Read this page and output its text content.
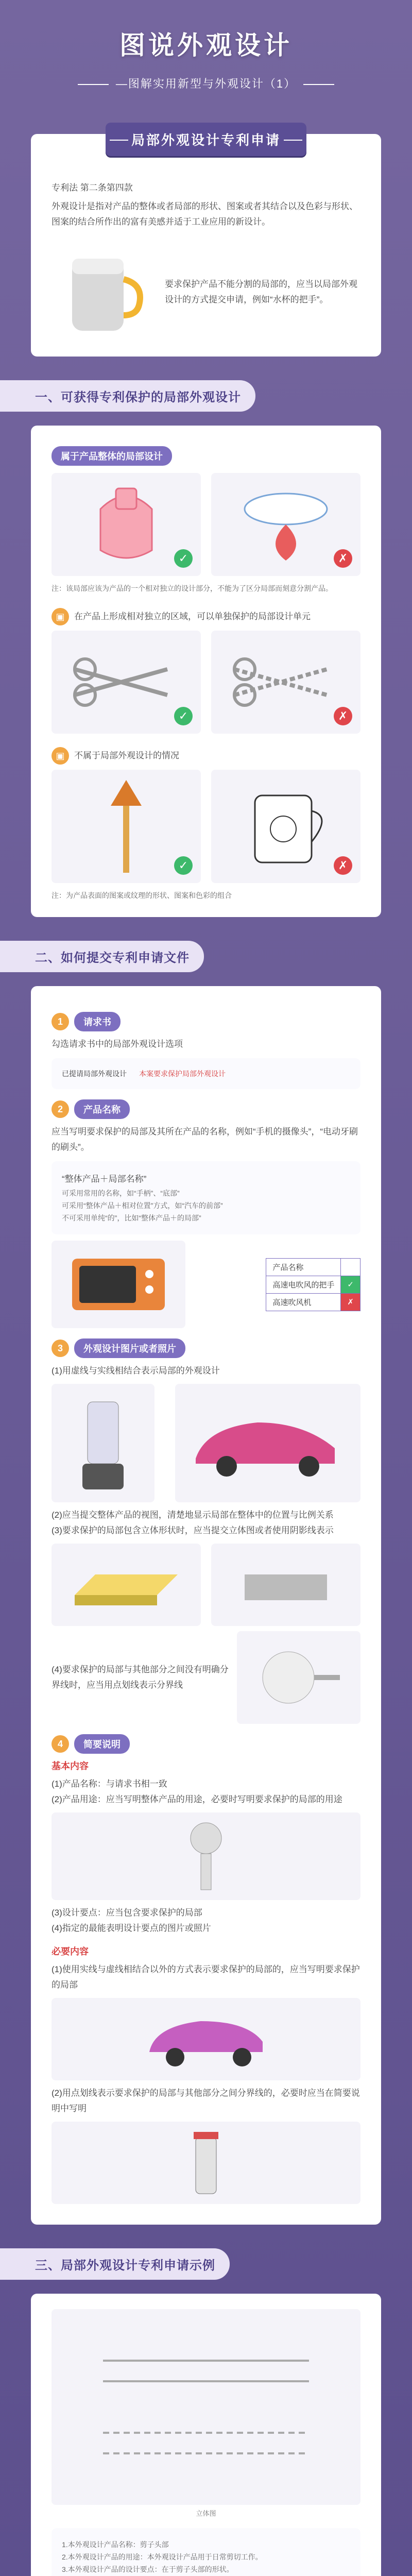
图说外观设计
—图解实用新型与外观设计（1）
局部外观设计专利申请

专利法 第二条第四款

外观设计是指对产品的整体或者局部的形状、图案或者其结合以及色彩与形状、图案的结合所作出的富有美感并适于工业应用的新设计。

要求保护产品不能分割的局部的，应当以局部外观设计的方式提交申请，例如“水杯的把手”。
一、可获得专利保护的局部外观设计
属于产品整体的局部设计
✓	✗

注：该局部应该为产品的一个相对独立的设计部分，不能为了区分局部而刻意分割产品。

▣	在产品上形成相对独立的区域，可以单独保护的局部设计单元
✓	✗
▣	不属于局部外观设计的情况
✓	✗

注：为产品表面的图案或纹理的形状、图案和色彩的组合

二、如何提交专利申请文件
1	请求书

勾选请求书中的局部外观设计选项

已提请局部外观设计 本案要求保护局部外观设计
2	产品名称

应当写明要求保护的局部及其所在产品的名称，例如“手机的摄像头”，“电动牙刷的刷头”。

“整体产品＋局部名称”

可采用常用的名称，如“手柄”、“底部”

可采用“整体产品＋相对位置”方式，如“汽车的前部”

不可采用单纯“的”，比如“整体产品＋的局部”

产品名称	
高速电吹风的把手	✓
高速吹风机	✗
3	外观设计图片或者照片

(1)用虚线与实线相结合表示局部的外观设计

(2)应当提交整体产品的视图，清楚地显示局部在整体中的位置与比例关系

(3)要求保护的局部包含立体形状时，应当提交立体图或者使用阴影线表示

(4)要求保护的局部与其他部分之间没有明确分界线时，应当用点划线表示分界线

4	简要说明

基本内容

(1)产品名称：与请求书相一致

(2)产品用途：应当写明整体产品的用途，必要时写明要求保护的局部的用途

(3)设计要点：应当包含要求保护的局部

(4)指定的最能表明设计要点的图片或照片

必要内容

(1)使用实线与虚线相结合以外的方式表示要求保护的局部的，应当写明要求保护的局部

(2)用点划线表示要求保护的局部与其他部分之间分界线的，必要时应当在简要说明中写明

三、局部外观设计专利申请示例

立体图

1.本外观设计产品名称：剪子头部

2.本外观设计产品的用途：本外观设计产品用于日常剪切工作。

3.本外观设计产品的设计要点：在于剪子头部的形状。
